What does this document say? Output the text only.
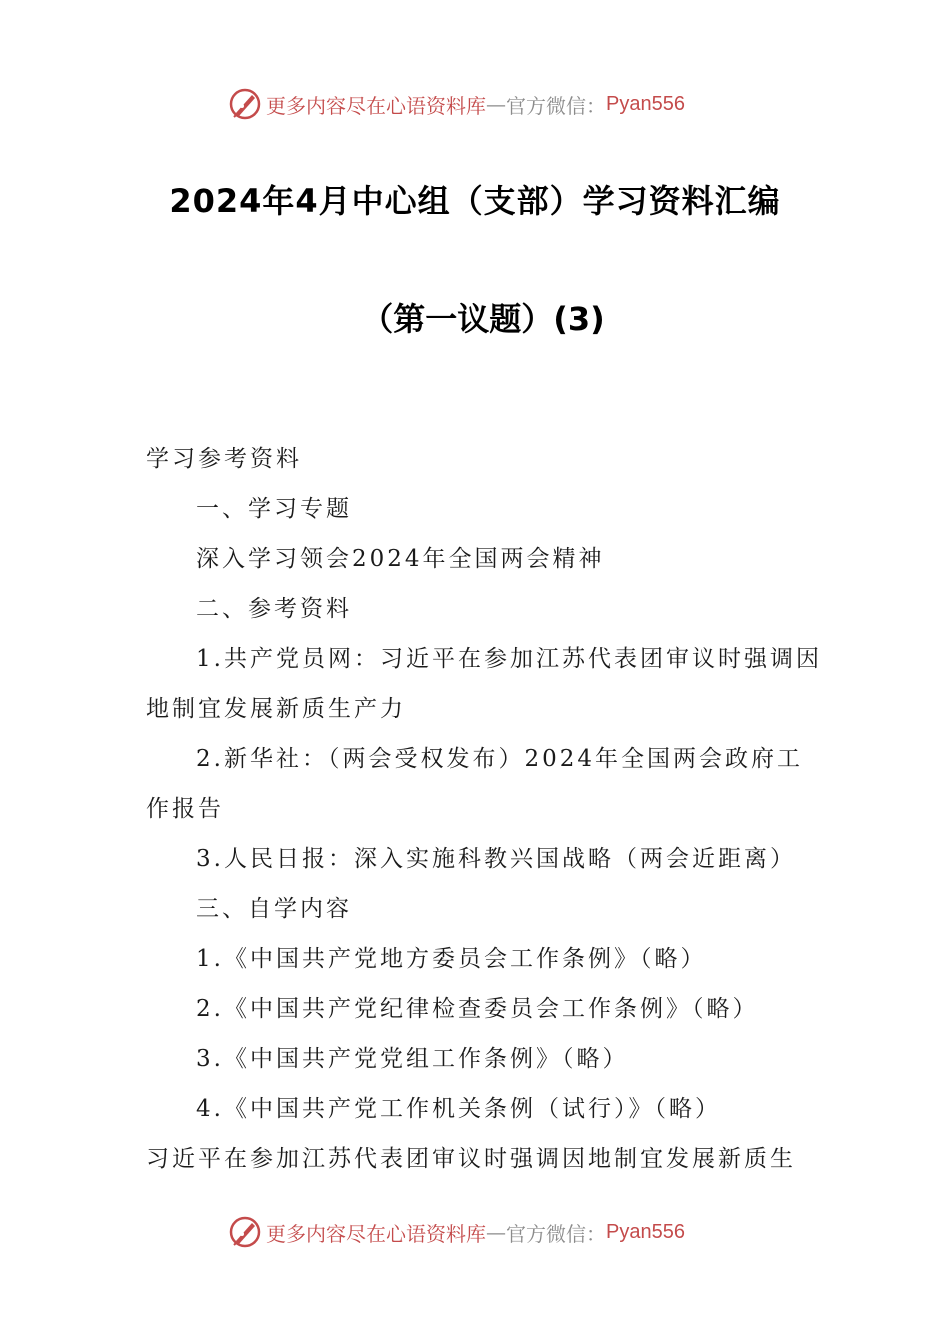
更多内容尽在心语资料库 — 官方微信： Pyan556
2024年4月中心组（支部）学习资料汇编
（第一议题）(3)
学习参考资料
一、学习专题
深入学习领会2024年全国两会精神
二、参考资料
1.共产党员网：习近平在参加江苏代表团审议时强调因
地制宜发展新质生产力
2.新华社：（两会受权发布）2024年全国两会政府工
作报告
3.人民日报：深入实施科教兴国战略（两会近距离）
三、自学内容
1.《中国共产党地方委员会工作条例》（略）
2.《中国共产党纪律检查委员会工作条例》（略）
3.《中国共产党党组工作条例》（略）
4.《中国共产党工作机关条例（试行）》（略）
习近平在参加江苏代表团审议时强调因地制宜发展新质生
更多内容尽在心语资料库 — 官方微信： Pyan556
